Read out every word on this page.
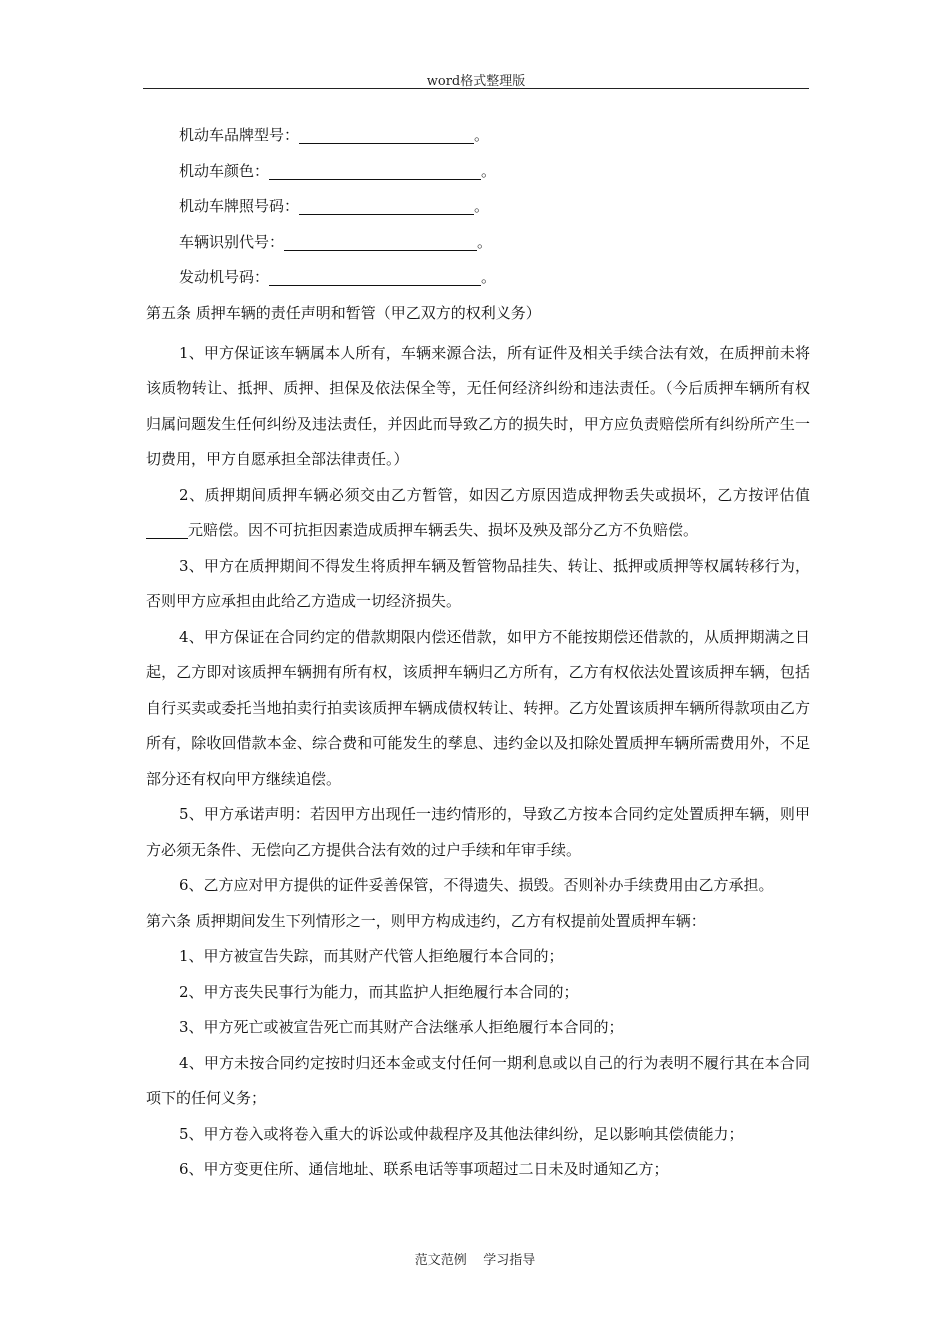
word格式整理版
机动车品牌型号：	。
机动车颜色：	。
机动车牌照号码：	。
车辆识别代号：	。
发动机号码：	。
第五条 质押车辆的责任声明和暂管（甲乙双方的权利义务）

1、甲方保证该车辆属本人所有，车辆来源合法，所有证件及相关手续合法有效，在质押前未将该质物转让、抵押、质押、担保及依法保全等，无任何经济纠纷和违法责任。（今后质押车辆所有权归属问题发生任何纠纷及违法责任，并因此而导致乙方的损失时，甲方应负责赔偿所有纠纷所产生一切费用，甲方自愿承担全部法律责任。）

2、质押期间质押车辆必须交由乙方暂管，如因乙方原因造成押物丢失或损坏，乙方按评估值元赔偿。因不可抗拒因素造成质押车辆丢失、损坏及殃及部分乙方不负赔偿。

3、甲方在质押期间不得发生将质押车辆及暂管物品挂失、转让、抵押或质押等权属转移行为，否则甲方应承担由此给乙方造成一切经济损失。

4、甲方保证在合同约定的借款期限内偿还借款，如甲方不能按期偿还借款的，从质押期满之日起，乙方即对该质押车辆拥有所有权，该质押车辆归乙方所有，乙方有权依法处置该质押车辆，包括自行买卖或委托当地拍卖行拍卖该质押车辆成债权转让、转押。乙方处置该质押车辆所得款项由乙方所有，除收回借款本金、综合费和可能发生的孳息、违约金以及扣除处置质押车辆所需费用外，不足部分还有权向甲方继续追偿。

5、甲方承诺声明：若因甲方出现任一违约情形的，导致乙方按本合同约定处置质押车辆，则甲方必须无条件、无偿向乙方提供合法有效的过户手续和年审手续。

6、乙方应对甲方提供的证件妥善保管，不得遗失、损毁。否则补办手续费用由乙方承担。

第六条 质押期间发生下列情形之一，则甲方构成违约，乙方有权提前处置质押车辆：

1、甲方被宣告失踪，而其财产代管人拒绝履行本合同的；

2、甲方丧失民事行为能力，而其监护人拒绝履行本合同的；

3、甲方死亡或被宣告死亡而其财产合法继承人拒绝履行本合同的；

4、甲方未按合同约定按时归还本金或支付任何一期利息或以自己的行为表明不履行其在本合同项下的任何义务；

5、甲方卷入或将卷入重大的诉讼或仲裁程序及其他法律纠纷，足以影响其偿债能力；

6、甲方变更住所、通信地址、联系电话等事项超过二日未及时通知乙方；

范文范例    学习指导
